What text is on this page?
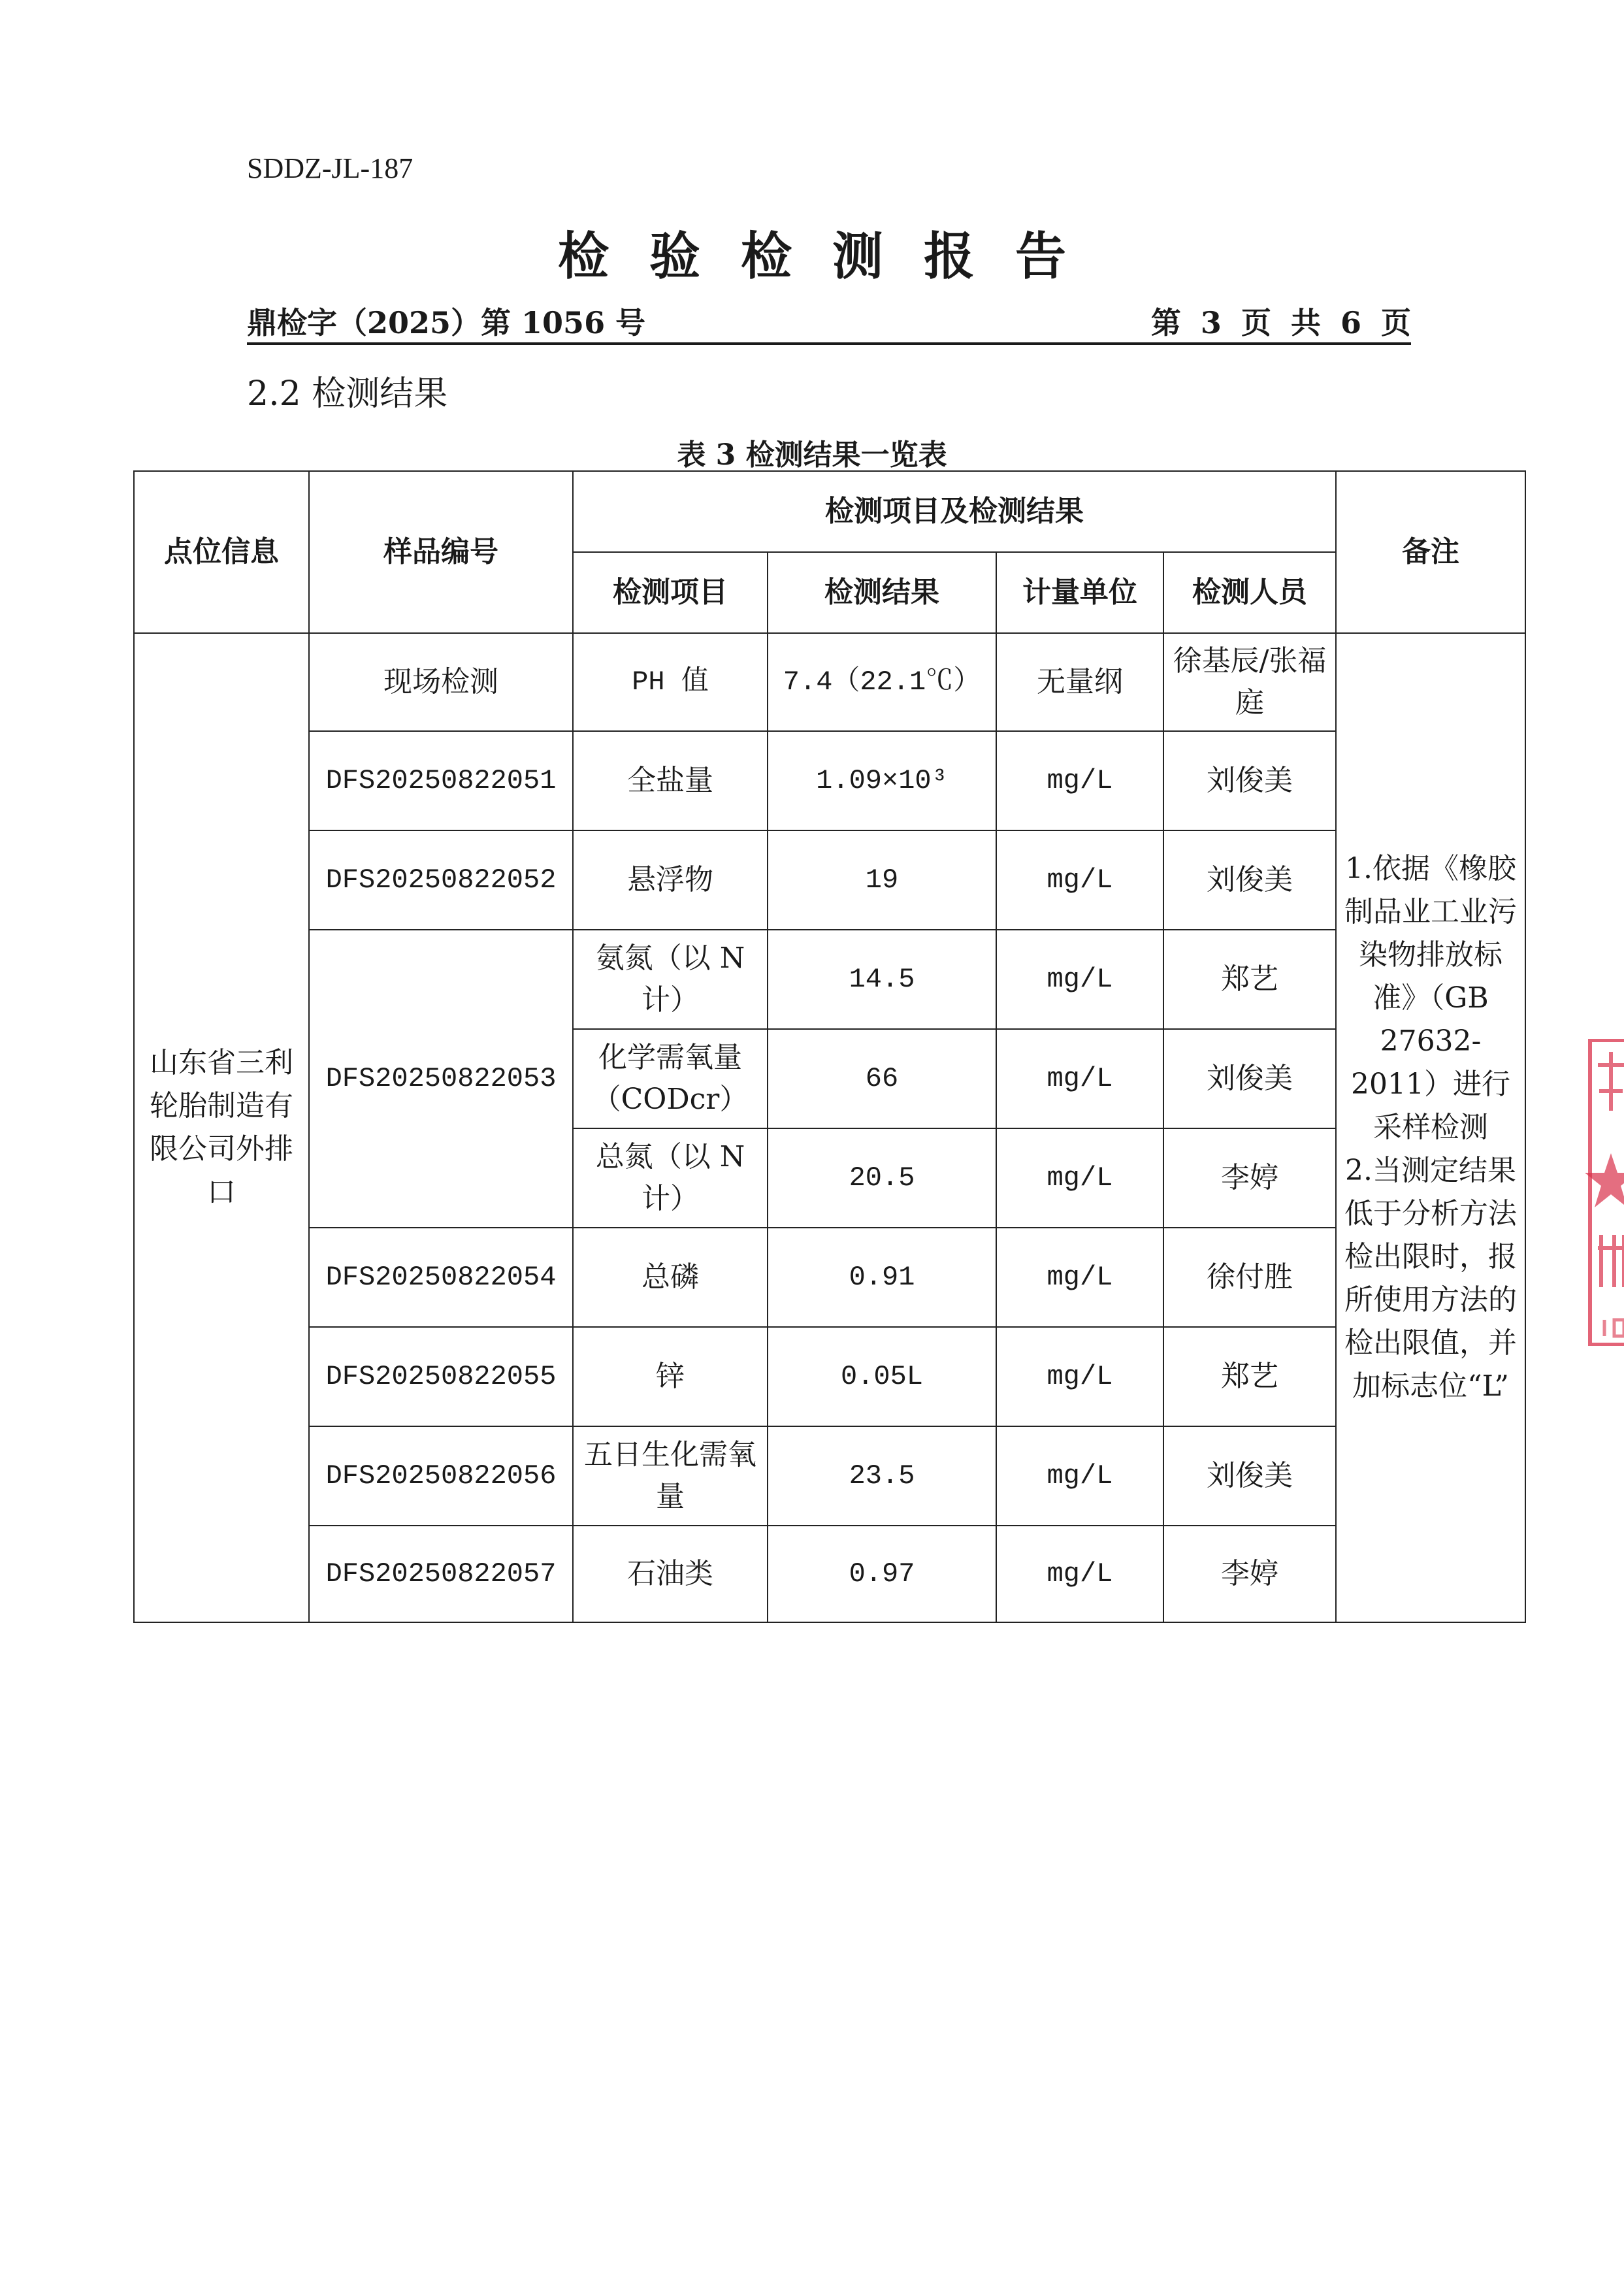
SDDZ-JL-187
检验检测报告
鼎检字（2025）第 1056 号	第 3 页 共 6 页
2.2 检测结果
表 3 检测结果一览表
点位信息	样品编号	检测项目及检测结果				备注
		检测项目	检测结果	计量单位	检测人员	
山东省三利轮胎制造有限公司外排口	现场检测	PH 值	7.4（22.1℃）	无量纲	徐基辰/张福庭	1.依据《橡胶制品业工业污染物排放标准》（GB 27632-2011）进行采样检测
2.当测定结果低于分析方法检出限时，报所使用方法的检出限值，并加标志位“L”

	DFS20250822051	全盐量	1.09×10³	mg/L	刘俊美	
	DFS20250822052	悬浮物	19	mg/L	刘俊美	
	DFS20250822053	氨氮（以 N 计）	14.5	mg/L	郑艺	
		化学需氧量（CODcr）	66	mg/L	刘俊美	
		总氮（以 N 计）	20.5	mg/L	李婷	
	DFS20250822054	总磷	0.91	mg/L	徐付胜	
	DFS20250822055	锌	0.05L	mg/L	郑艺	
	DFS20250822056	五日生化需氧量	23.5	mg/L	刘俊美	
	DFS20250822057	石油类	0.97	mg/L	李婷	
